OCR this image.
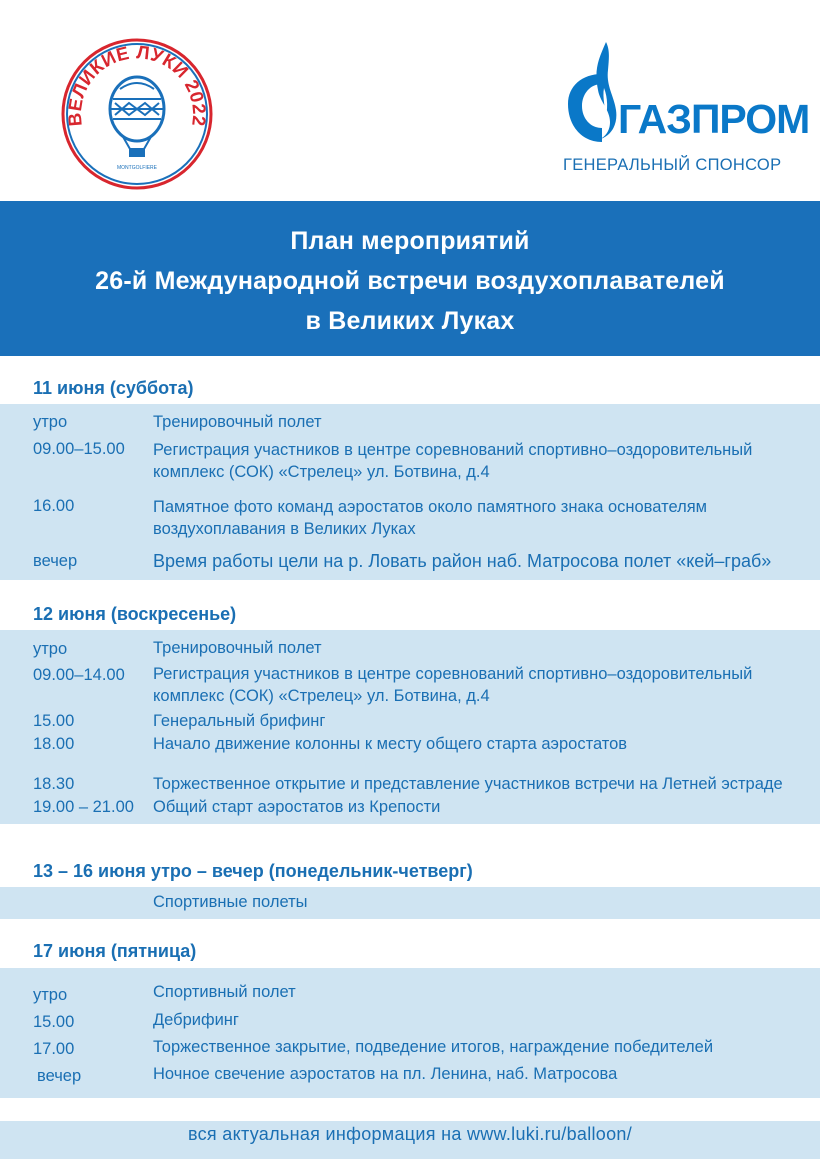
ВЕЛИКИЕ ЛУКИ 2022
MONTGOLFIERE
ГАЗПРОМ
ГЕНЕРАЛЬНЫЙ СПОНСОР
План мероприятий
26-й Международной встречи воздухоплавателей
в Великих Луках
11 июня (суббота)
утро	Тренировочный полет
09.00–15.00 Регистрация участников в центре соревнований спортивно–оздоровительный
комплекс (СОК) «Стрелец» ул. Ботвина, д.4
16.00	Памятное фото команд аэростатов около памятного знака основателям
воздухоплавания в Великих Луках
вечер	Время работы цели на р. Ловать район наб. Матросова полет «кей–граб»
12 июня (воскресенье)
утро	Тренировочный полет
09.00–14.00 Регистрация участников в центре соревнований спортивно–оздоровительный
комплекс (СОК) «Стрелец» ул. Ботвина, д.4
15.00	Генеральный брифинг
18.00	Начало движение колонны к месту общего старта аэростатов
18.30	Торжественное открытие и представление участников встречи на Летней эстраде
19.00 – 21.00 Общий старт аэростатов из Крепости
13 – 16 июня утро – вечер (понедельник-четверг)
Спортивные полеты
17 июня (пятница)
утро	Спортивный полет
15.00	Дебрифинг
17.00	Торжественное закрытие, подведение итогов, награждение победителей
вечер	Ночное свечение аэростатов на пл. Ленина, наб. Матросова
вся актуальная информация на www.luki.ru/balloon/
